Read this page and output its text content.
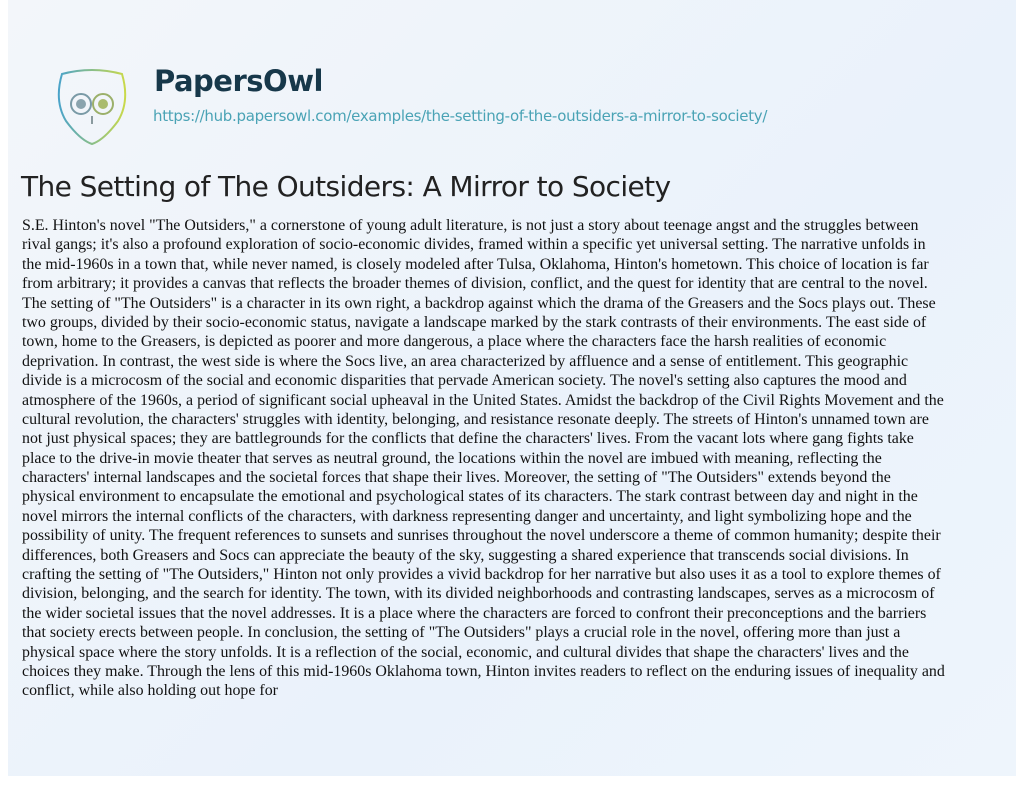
PapersOwl
https://hub.papersowl.com/examples/the-setting-of-the-outsiders-a-mirror-to-society/
The Setting of The Outsiders: A Mirror to Society
S.E. Hinton's novel "The Outsiders," a cornerstone of young adult literature, is not just a story about teenage angst and the struggles between
rival gangs; it's also a profound exploration of socio-economic divides, framed within a specific yet universal setting. The narrative unfolds in
the mid-1960s in a town that, while never named, is closely modeled after Tulsa, Oklahoma, Hinton's hometown. This choice of location is far
from arbitrary; it provides a canvas that reflects the broader themes of division, conflict, and the quest for identity that are central to the novel.
The setting of "The Outsiders" is a character in its own right, a backdrop against which the drama of the Greasers and the Socs plays out. These
two groups, divided by their socio-economic status, navigate a landscape marked by the stark contrasts of their environments. The east side of
town, home to the Greasers, is depicted as poorer and more dangerous, a place where the characters face the harsh realities of economic
deprivation. In contrast, the west side is where the Socs live, an area characterized by affluence and a sense of entitlement. This geographic
divide is a microcosm of the social and economic disparities that pervade American society. The novel's setting also captures the mood and
atmosphere of the 1960s, a period of significant social upheaval in the United States. Amidst the backdrop of the Civil Rights Movement and the
cultural revolution, the characters' struggles with identity, belonging, and resistance resonate deeply. The streets of Hinton's unnamed town are
not just physical spaces; they are battlegrounds for the conflicts that define the characters' lives. From the vacant lots where gang fights take
place to the drive-in movie theater that serves as neutral ground, the locations within the novel are imbued with meaning, reflecting the
characters' internal landscapes and the societal forces that shape their lives. Moreover, the setting of "The Outsiders" extends beyond the
physical environment to encapsulate the emotional and psychological states of its characters. The stark contrast between day and night in the
novel mirrors the internal conflicts of the characters, with darkness representing danger and uncertainty, and light symbolizing hope and the
possibility of unity. The frequent references to sunsets and sunrises throughout the novel underscore a theme of common humanity; despite their
differences, both Greasers and Socs can appreciate the beauty of the sky, suggesting a shared experience that transcends social divisions. In
crafting the setting of "The Outsiders," Hinton not only provides a vivid backdrop for her narrative but also uses it as a tool to explore themes of
division, belonging, and the search for identity. The town, with its divided neighborhoods and contrasting landscapes, serves as a microcosm of
the wider societal issues that the novel addresses. It is a place where the characters are forced to confront their preconceptions and the barriers
that society erects between people. In conclusion, the setting of "The Outsiders" plays a crucial role in the novel, offering more than just a
physical space where the story unfolds. It is a reflection of the social, economic, and cultural divides that shape the characters' lives and the
choices they make. Through the lens of this mid-1960s Oklahoma town, Hinton invites readers to reflect on the enduring issues of inequality and
conflict, while also holding out hope for
